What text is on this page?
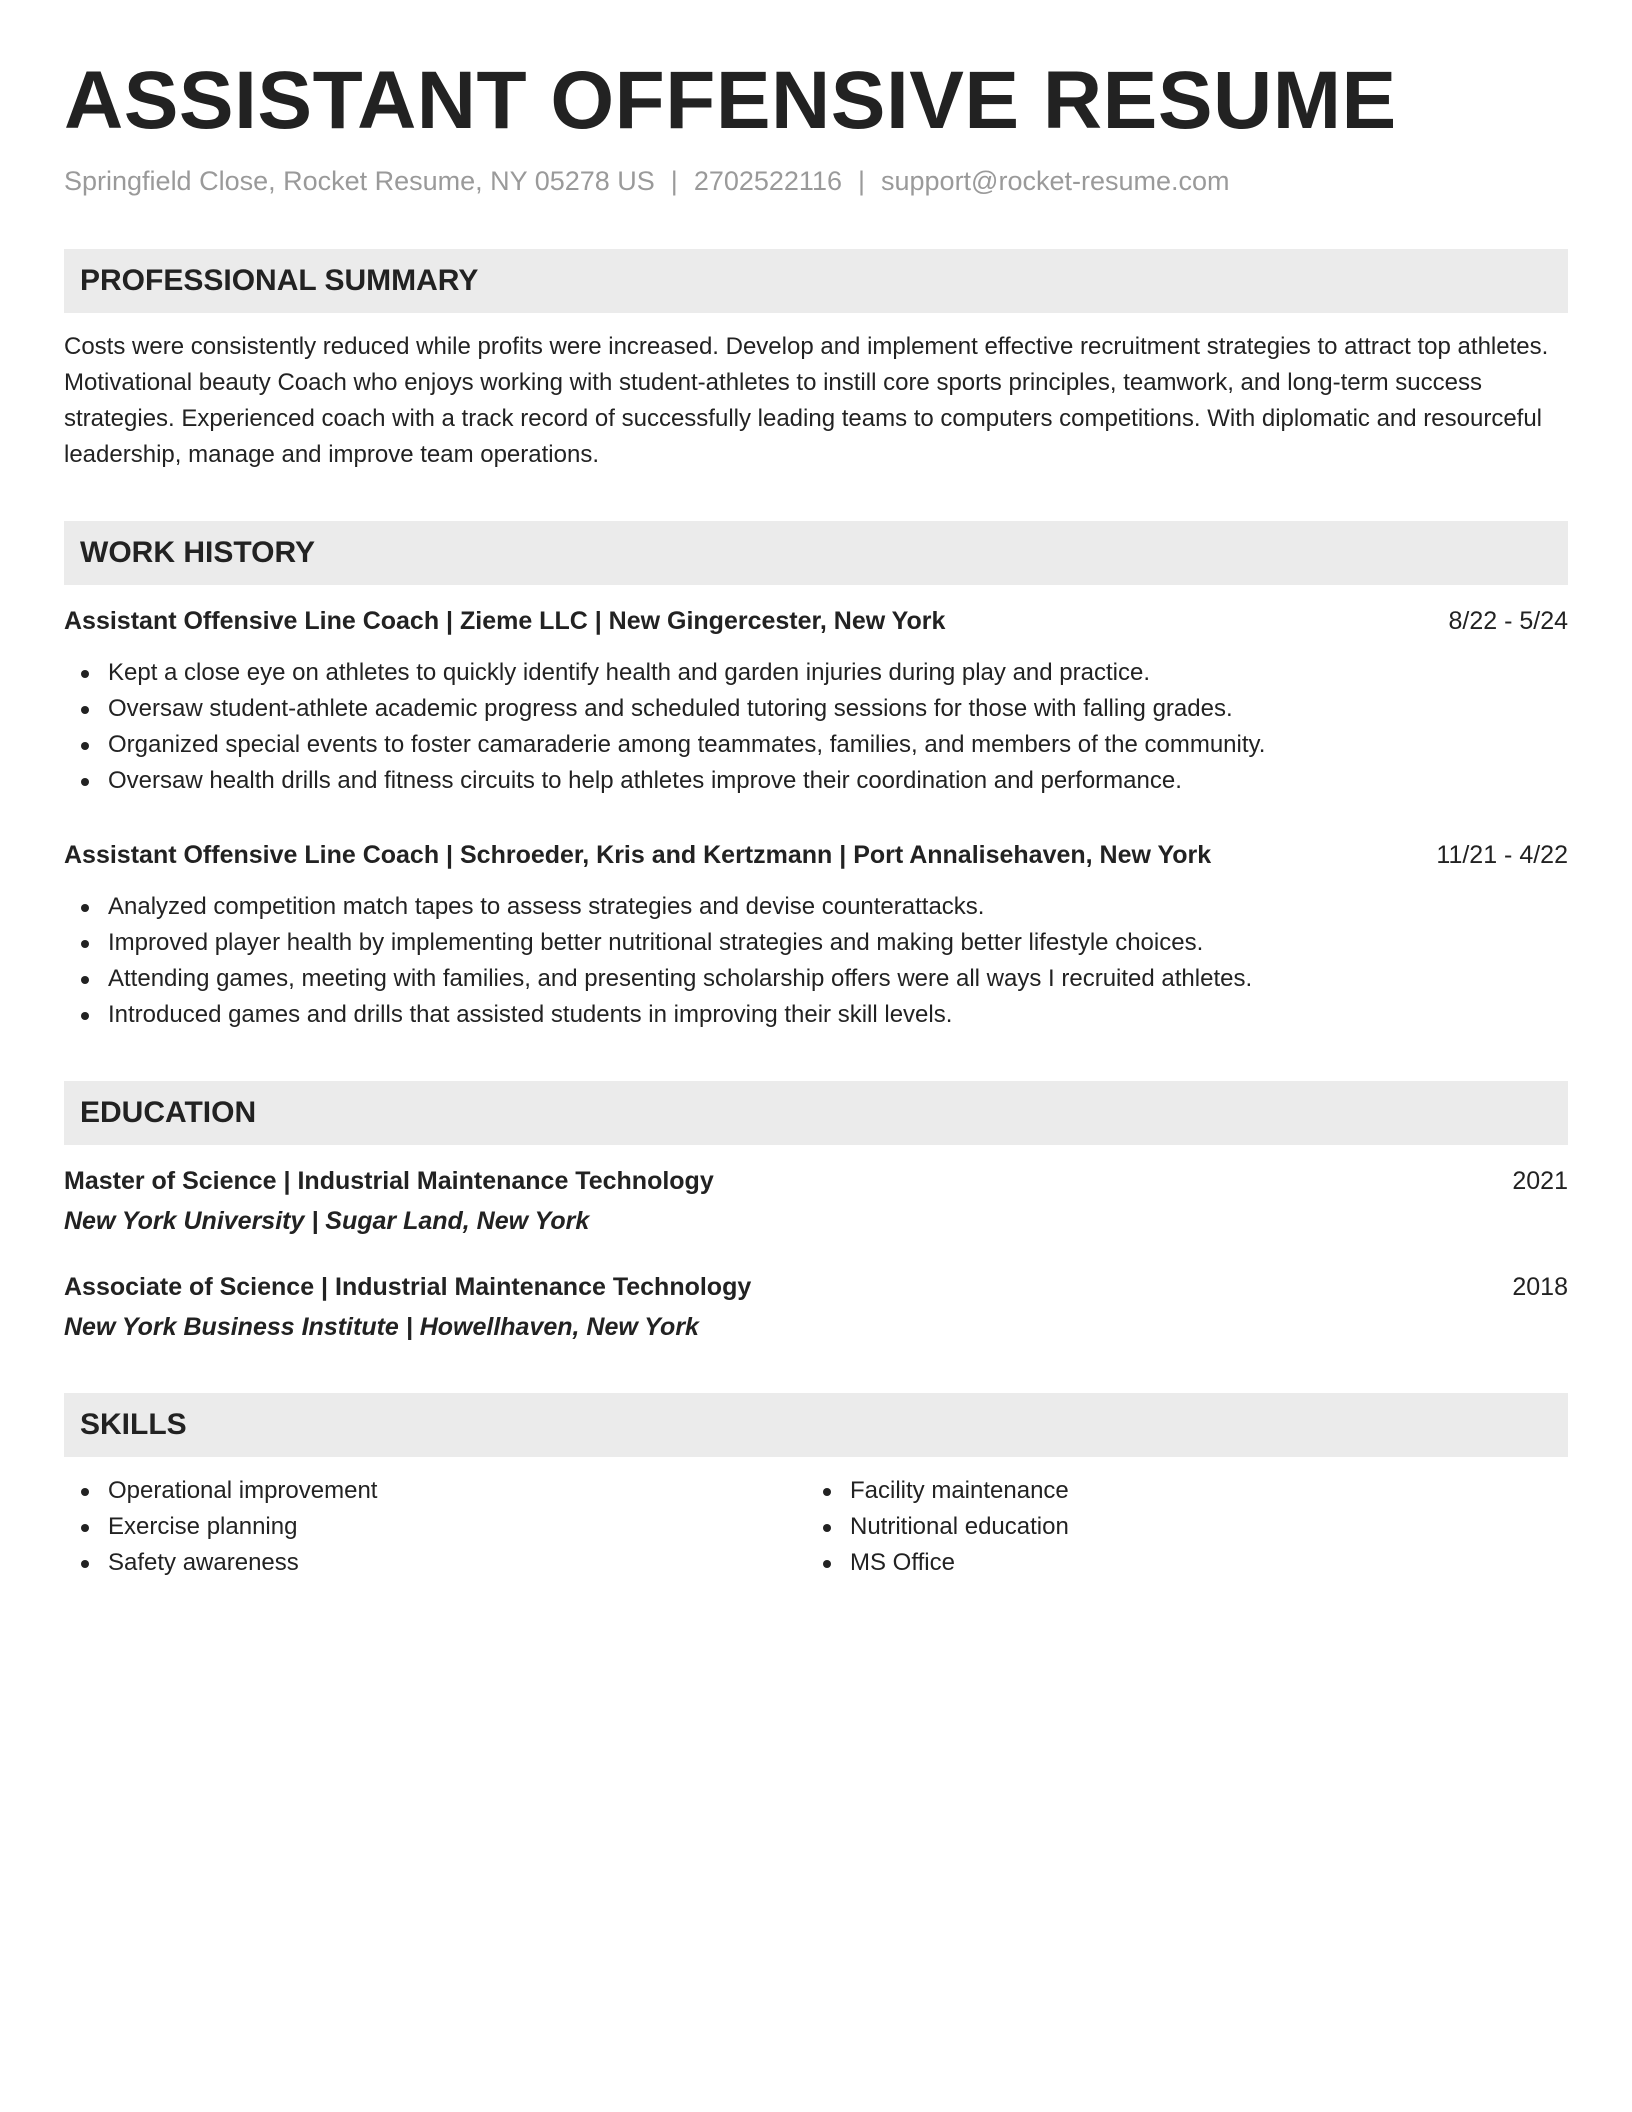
ASSISTANT OFFENSIVE RESUME
Springfield Close, Rocket Resume, NY 05278 US | 2702522116 | support@rocket-resume.com
PROFESSIONAL SUMMARY
Costs were consistently reduced while profits were increased. Develop and implement effective recruitment strategies to attract top athletes. Motivational beauty Coach who enjoys working with student-athletes to instill core sports principles, teamwork, and long-term success strategies. Experienced coach with a track record of successfully leading teams to computers competitions. With diplomatic and resourceful leadership, manage and improve team operations.
WORK HISTORY
Assistant Offensive Line Coach | Zieme LLC | New Gingercester, New York	8/22 - 5/24
Kept a close eye on athletes to quickly identify health and garden injuries during play and practice.
Oversaw student-athlete academic progress and scheduled tutoring sessions for those with falling grades.
Organized special events to foster camaraderie among teammates, families, and members of the community.
Oversaw health drills and fitness circuits to help athletes improve their coordination and performance.
Assistant Offensive Line Coach | Schroeder, Kris and Kertzmann | Port Annalisehaven, New York	11/21 - 4/22
Analyzed competition match tapes to assess strategies and devise counterattacks.
Improved player health by implementing better nutritional strategies and making better lifestyle choices.
Attending games, meeting with families, and presenting scholarship offers were all ways I recruited athletes.
Introduced games and drills that assisted students in improving their skill levels.
EDUCATION
Master of Science | Industrial Maintenance Technology	2021
New York University | Sugar Land, New York
Associate of Science | Industrial Maintenance Technology	2018
New York Business Institute | Howellhaven, New York
SKILLS
Operational improvement
Exercise planning
Safety awareness
Facility maintenance
Nutritional education
MS Office
